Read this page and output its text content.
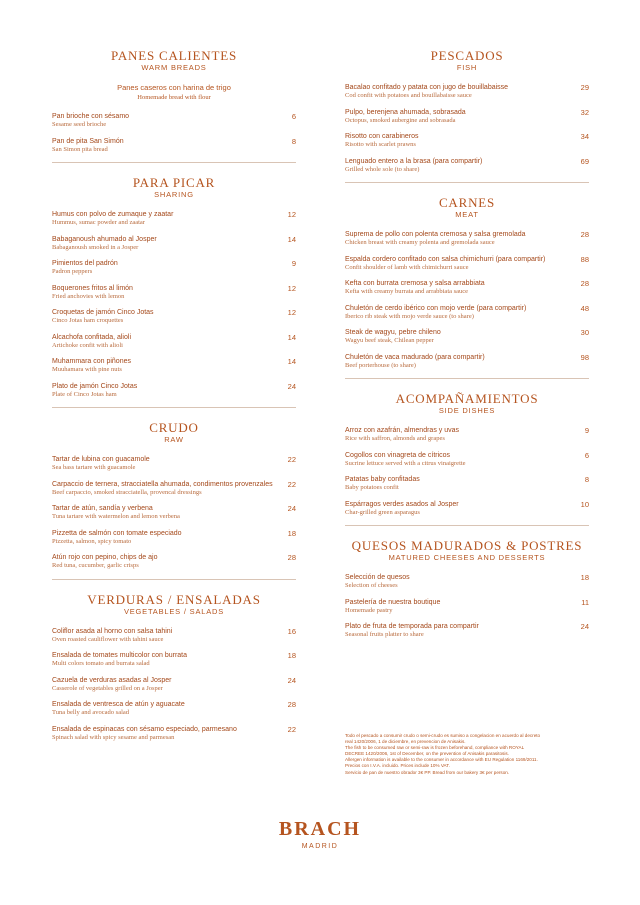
PANES CALIENTES
WARM BREADS
Panes caseros con harina de trigo
Homemade bread with flour
Pan brioche con sésamo
Sesame seed brioche
6
Pan de pita San Simón
San Simon pita bread
8
PARA PICAR
SHARING
Humus con polvo de zumaque y zaatar
Hummus, sumac powder and zaatar
12
Babaganoush ahumado al Josper
Babaganoush smoked in a Josper
14
Pimientos del padrón
Padron peppers
9
Boquerones fritos al limón
Fried anchovies with lemon
12
Croquetas de jamón Cinco Jotas
Cinco Jotas ham croquettes
12
Alcachofa confitada, alioli
Artichoke confit with alioli
14
Muhammara con piñones
Muuhamara with pine nuts
14
Plato de jamón Cinco Jotas
Plate of Cinco Jotas ham
24
CRUDO
RAW
Tartar de lubina con guacamole
Sea bass tartare with guacamole
22
Carpaccio de ternera, stracciatella ahumada, condimentos provenzales
Beef carpaccio, smoked stracciatella, provencal dressings
22
Tartar de atún, sandía y verbena
Tuna tartare with watermelon and lemon verbena
24
Pizzetta de salmón con tomate especiado
Pizzetta, salmon, spicy tomato
18
Atún rojo con pepino, chips de ajo
Red tuna, cucumber, garlic crisps
28
VERDURAS / ENSALADAS
VEGETABLES / SALADS
Coliflor asada al horno con salsa tahini
Oven roasted cauliflower with tahini sauce
16
Ensalada de tomates multicolor con burrata
Multi colors tomato and burrata salad
18
Cazuela de verduras asadas al Josper
Casserole of vegetables grilled on a Josper
24
Ensalada de ventresca de atún y aguacate
Tuna belly and avocado salad
28
Ensalada de espinacas con sésamo especiado, parmesano
Spinach salad with spicy sesame and parmesan
22
PESCADOS
FISH
Bacalao confitado y patata con jugo de bouillabaisse
Cod confit with potatoes and bouillabaisse sauce
29
Pulpo, berenjena ahumada, sobrasada
Octopus, smoked aubergine and sobrasada
32
Risotto con carabineros
Risotto with scarlet prawns
34
Lenguado entero a la brasa (para compartir)
Grilled whole sole (to share)
69
CARNES
MEAT
Suprema de pollo con polenta cremosa y salsa gremolada
Chicken breast with creamy polenta and gremolada sauce
28
Espalda cordero confitado con salsa chimichurri (para compartir)
Confit shoulder of lamb with chimichurri sauce
88
Kefta con burrata cremosa y salsa arrabbiata
Kefta with creamy burrata and arrabbiata sauce
28
Chuletón de cerdo ibérico con mojo verde (para compartir)
Iberico rib steak with mojo verde sauce (to share)
48
Steak de wagyu, pebre chileno
Wagyu beef steak, Chilean pepper
30
Chuletón de vaca madurado (para compartir)
Beef porterhouse (to share)
98
ACOMPAÑAMIENTOS
SIDE DISHES
Arroz con azafrán, almendras y uvas
Rice with saffron, almonds and grapes
9
Cogollos con vinagreta de cítricos
Sucrine lettuce served with a citrus vinaigrette
6
Patatas baby confitadas
Baby potatoes confit
8
Espárragos verdes asados al Josper
Char-grilled green asparagus
10
QUESOS MADURADOS & POSTRES
MATURED CHEESES AND DESSERTS
Selección de quesos
Selection of cheeses
18
Pastelería de nuestra boutique
Homemade pastry
11
Plato de fruta de temporada para compartir
Seasonal fruits platter to share
24
Todo el pescado a consumir crudo o semi-crudo es sumiso a congelacion en acuerdo al decreto
real 1420/2006, 1 de diciembre, en prevencion de Anisakis.
The fish to be consumed raw or semi-raw is frozen beforehand, compliance with ROYAL
DECREE 1420/2006, 1st of December, on the prevention of Anisakis parasitosis.
Allergen information is available to the consumer in accordance with EU Regulation 1169/2011.
Precios con I.V.A. incluido. Prices include 10% VAT.
Servicio de pan de nuestro obrador 3€ PP. Bread from our bakery 3€ per person.
BRACH
MADRID
